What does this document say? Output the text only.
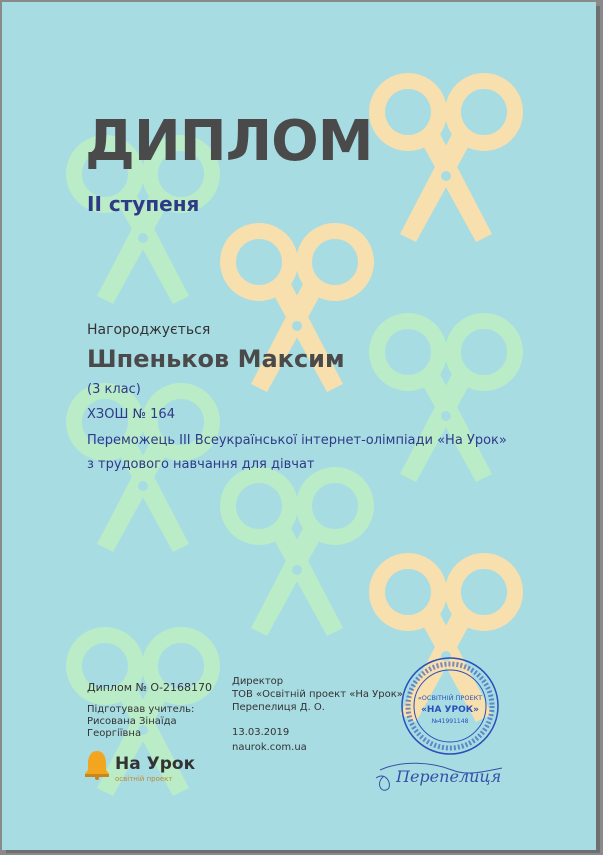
ДИПЛОМ
ІІ ступеня
Нагороджується
Шпеньков Максим
(3 клас)
ХЗОШ № 164
Переможець ІІІ Всеукраїнської інтернет-олімпіади «На Урок»
з трудового навчання для дівчат
Диплом № О-2168170
Підготував учитель:
Рисована Зінаїда
Георгіївна
Директор
ТОВ «Освітній проект «На Урок»
Перепелиця Д. О.
13.03.2019
naurok.com.ua
На Урок
освітній проект
«ОСВІТНІЙ ПРОЕКТ
«НА УРОК»
№41991148
Перепелиця
